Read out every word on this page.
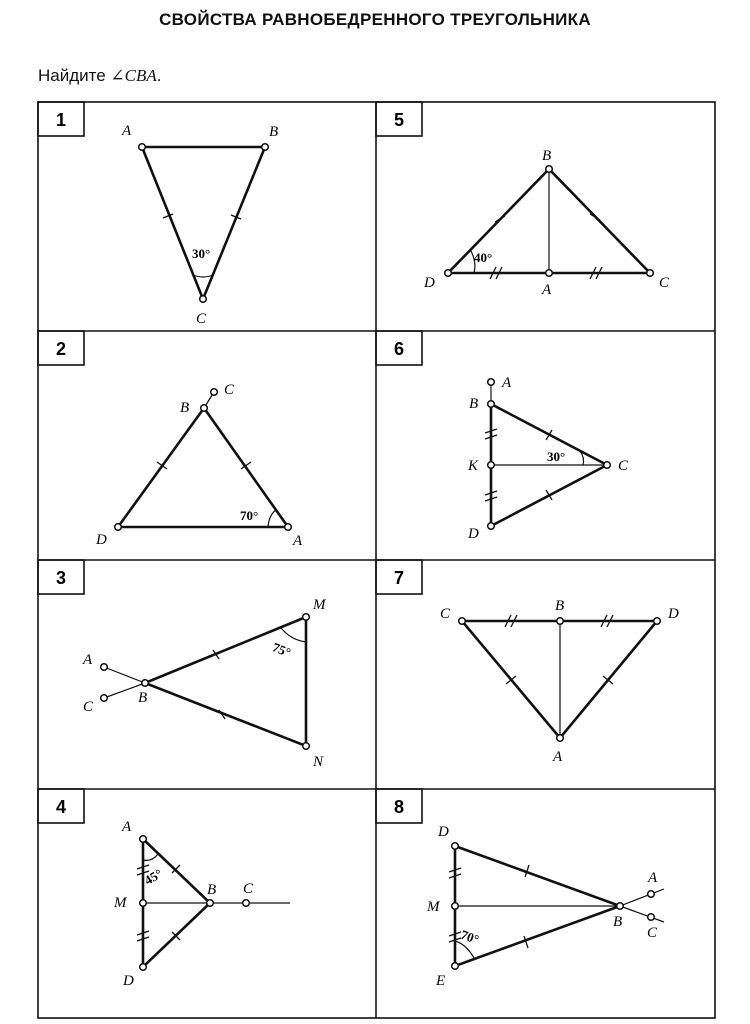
СВОЙСТВА РАВНОБЕДРЕННОГО ТРЕУГОЛЬНИКА
Найдите ∠CBA.
1
2
3
4
5
6
7
8
A	B
C
30°
B
C
D	A
70°
A
C
B
M
N
75°
A
M
B C
D
45°
B
D	A	C
40°
A
B
K	C
D
30°
C	B	D
A
D
M
A
B
C
E
70°
